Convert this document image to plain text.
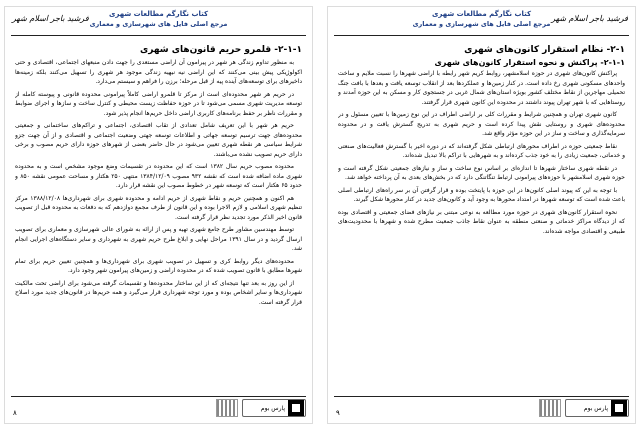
کتاب نگارگم مطالعات شهری
مرجع اصلی فایل های شهرسازی و معماری
فرشید باجر اسلام شهر
۲-۱-۱- قلمرو حریم قانون‌های شهری

به منظور تداوم زندگی هر شهر در پیرامون آن اراضی مستعدی را جهت دادن منبعهای اجتماعی، اقتصادی و حتی اکولوژیکی پیش بینی می‌کنند که این اراضی نیه نیهیه زندگی موجود هر شهری را تسهیل می‌کنند بلکه زمینه‌ها داخیرهای برای توسعه‌های آینده پیه از قبل مرحله؛ برزن را فراهم و سیستم می‌دارد.

در حریم هر شهر محدوده‌ای است از مرکز تا قلمرو اراضی کاملاً پیرامونی محدوده قانونی و پیوسته کامله از توسعه مدیریت شهری مسمی می‌شود تا در حوزه حفاظت زیست محیطی و کنترل ساخت و سازها و اجرای ضوابط و مقررات ناظر بر حفظ برنامه‌های کاربری اراضی داخل حریم‌ها انجام پذیر شود.

حریم هر شهر با این تعریف شامل تعدادی از تقاب اقتصادی، اجتماعی و تراکم‌های ساختمانی و جمعیتی محدوده‌های جهت ترسیم توسعه جهاتی و اطلاعات توسعه جهتی وضعیت اجتماعی و اقتصادی و از آن جهت جزو شرایط سیاسی هر نقطه شهری تعیین می‌شود در حال حاضر بعضی از شهرهای حوزه دارای حریم مصوب و برخی دارای حریم تصویب نشده می‌باشند.

محدوده مصوب حریم سال ۱۳۸۲ است که این محدوده در تقسیمات وضع موجود مشخص است و به محدوده شهری ماده اضافه شده است که نقشه ۹۳۲ مصوب ۱۳۸۴/۱۲/۰۹ منتهی ۲۵۰ هکتار و مساحت عمومی نقشه ۸۵۰ و حدود ۶۵ هکتار است که توسعه شهر در خطوط مصوب این نقشه قرار دارد.

هم اکنون و همچنین حریم و نقاط شهری از حریم ادامه و محدوده شهری برای شهرداری‌ها ۱۳۸۸/۱۲/۰۸ مرکز تنظیم شهری اسلامی و لازم الاجرا بوده و این قانون از طرف مجمع دوازدهم که به دفعات به محدوده قبل از تصویب قانون اخیر الذکر مورد تجدید نظر قرار گرفته است.

توسط مهندسین مشاور طرح جامع شهری تهیه و پس از ارائه به شورای عالی شهرسازی و معماری برای تصویب ارسال گردید و در سال ۱۳۹۱ مراحل نهایی و ابلاغ طرح حریم شهری به شهرداری و سایر دستگاه‌های اجرایی انجام شد.

محدوده‌های دیگر روابط کری و تسهیل در تصویب شهری برای شهرداری‌ها و همچنین تعیین حریم برای تمام شهرها مطابق با قانون تصویب شده که در محدوده اراضی و زمین‌های پیرامون شهر وجود دارد.

از این روز به بعد تنها نتیجه‌ای که از این ساختار محدوده‌ها و تقسیمات گرفته می‌شود برای اراضی تحت مالکیت شهرداری‌ها و سایر اشخاص بوده و مورد توجه شهرداری قرار می‌گیرد و همه حریم‌ها در قانون‌های جدید مورد اصلاح قرار گرفته است.

۸
پارس بوم
کتاب نگارگم مطالعات شهری
مرجع اصلی فایل های شهرسازی و معماری
فرشید باجر اسلام شهر
۲-۱- نظام استقرار کانون‌های شهری
۲-۱-۱- پراکنش و نحوه استقرار کانون‌های شهری

پراکنش کانون‌های شهری در حوزه اسلامشهر، روابط کریم شهر رابطه با اراضی شهرها را نسبت ملایم و ساخت واحدهای مسکونی شهری رخ داده است. در کنار زمین‌ها و عملکردها بعد از انقلاب توسعه یافت و بعدها با بافت جنگ تحمیلی مهاجرین از نقاط مختلف کشور بویژه استان‌های شمال غربی در جستجوی کار و مسکن به این حوزه آمدند و روستاهایی که با شهر تهران پیوند داشتند در محدوده این کانون شهری قرار گرفتند.

کانون شهری تهران و همچنین شرایط و مقررات کلی بر اراضی اطراف در این نوع زمین‌ها با تعیین مسئول و در محدوده‌های شهری و روستایی نقش پیدا کرده است و حریم شهری به تدریج گسترش یافت و در محدوده سرمایه‌گذاری و ساخت و ساز در این حوزه مؤثر واقع شد.

نقاط جمعیتی حوزه در اطراف محورهای ارتباطی شکل گرفته‌اند که در دوره اخیر با گسترش فعالیت‌های صنعتی و خدماتی، جمعیت زیادی را به خود جذب کرده‌اند و به شهرهایی با تراکم بالا تبدیل شده‌اند.

در نقطه شهری ساختار شهرها تا اندازه‌ای بر اساس نوع ساخت و ساز و نیازهای جمعیتی شکل گرفته است و حوزه شهری اسلامشهر با حوزه‌های پیرامونی ارتباط تنگاتنگی دارد که در بخش‌های بعدی به آن پرداخته خواهد شد.

با توجه به این که پیوند اصلی کانون‌ها در این حوزه با پایتخت بوده و قرار گرفتن آن بر سر راه‌های ارتباطی اصلی باعث شده است که توسعه شهرها در امتداد محورها به وجود آید و کانون‌های جدید در کنار محورها شکل گیرند.

نحوه استقرار کانون‌های شهری در حوزه مورد مطالعه به نوعی مبتنی بر نیازهای فضای جمعیتی و اقتصادی بوده که از دیدگاه مراکز خدماتی و صنعتی منطقه به عنوان نقاط جاذب جمعیت مطرح شده و شهرها با محدودیت‌های طبیعی و اقتصادی مواجه شده‌اند.

۹
پارس بوم
